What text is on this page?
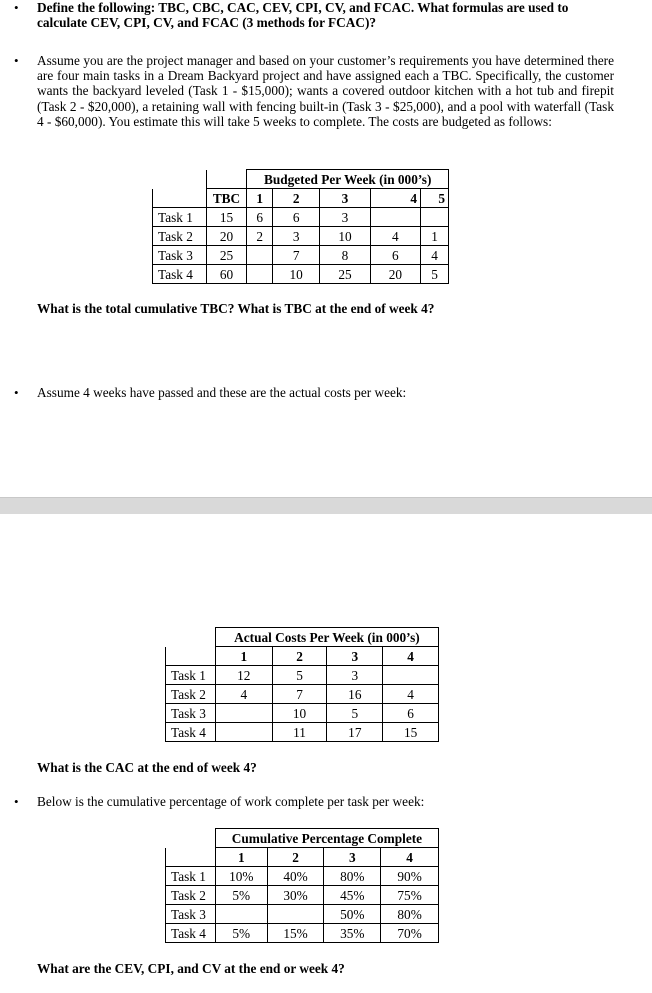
• Define the following: TBC, CBC, CAC, CEV, CPI, CV, and FCAC. What formulas are used to calculate CEV, CPI, CV, and FCAC (3 methods for FCAC)?
• Assume you are the project manager and based on your customer’s requirements you have determined there are four main tasks in a Dream Backyard project and have assigned each a TBC. Specifically, the customer wants the backyard leveled (Task 1 - $15,000); wants a covered outdoor kitchen with a hot tub and firepit (Task 2 - $20,000), a retaining wall with fencing built-in (Task 3 - $25,000), and a pool with waterfall (Task 4 - $60,000). You estimate this will take 5 weeks to complete. The costs are budgeted as follows:
		Budgeted Per Week (in 000’s)				
	TBC	1	2	3	4	5
Task 1	15	6	6	3		
Task 2	20	2	3	10	4	1
Task 3	25		7	8	6	4
Task 4	60		10	25	20	5
What is the total cumulative TBC? What is TBC at the end of week 4?
• Assume 4 weeks have passed and these are the actual costs per week:
	Actual Costs Per Week (in 000’s)			
	1	2	3	4
Task 1	12	5	3	
Task 2	4	7	16	4
Task 3		10	5	6
Task 4		11	17	15
What is the CAC at the end of week 4?
• Below is the cumulative percentage of work complete per task per week:
	Cumulative Percentage Complete			
	1	2	3	4
Task 1	10%	40%	80%	90%
Task 2	5%	30%	45%	75%
Task 3			50%	80%
Task 4	5%	15%	35%	70%
What are the CEV, CPI, and CV at the end or week 4?
